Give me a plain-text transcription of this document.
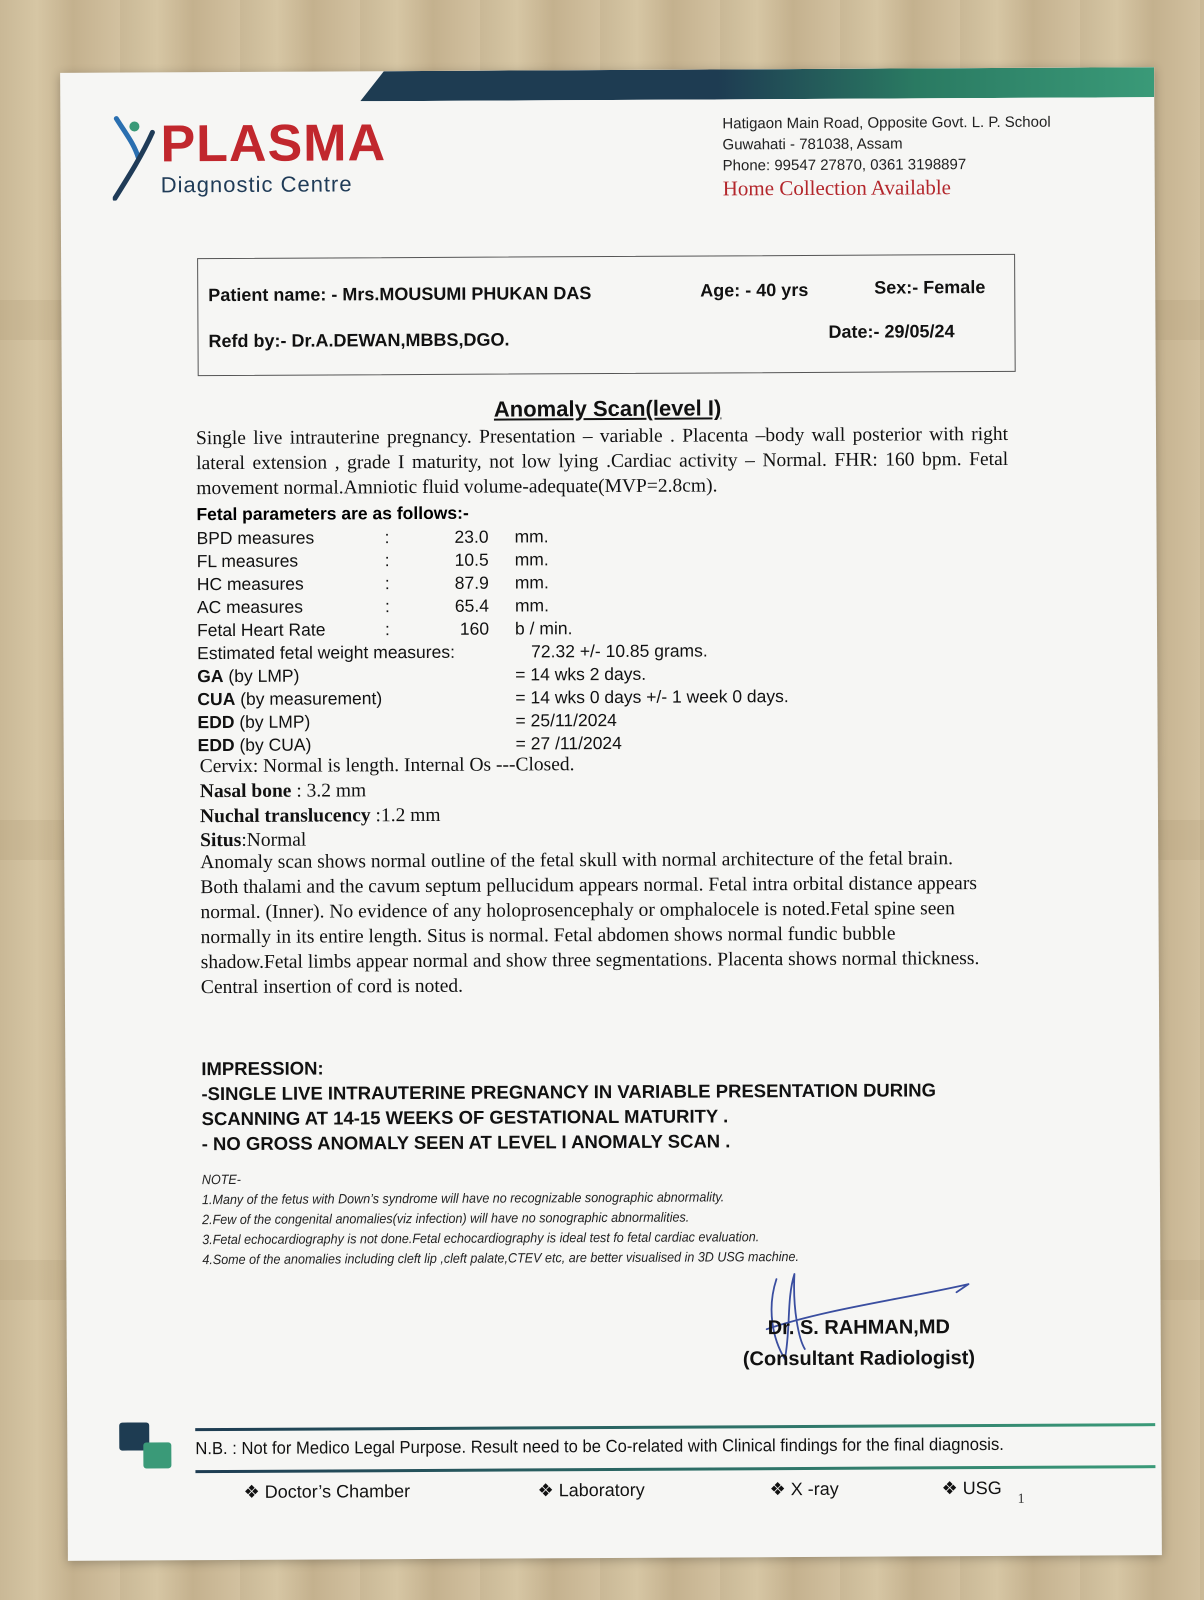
PLASMA
Diagnostic Centre
Hatigaon Main Road, Opposite Govt. L. P. School
Guwahati - 781038, Assam
Phone: 99547 27870, 0361 3198897
Home Collection Available
Patient name: - Mrs.MOUSUMI PHUKAN DAS	Age: - 40 yrs	Sex:- Female
Refd by:- Dr.A.DEWAN,MBBS,DGO.	Date:- 29/05/24
Anomaly Scan(level I)
Single live intrauterine pregnancy. Presentation – variable . Placenta –body wall posterior with right lateral extension , grade I maturity, not low lying .Cardiac activity – Normal. FHR: 160 bpm. Fetal movement normal.Amniotic fluid volume-adequate(MVP=2.8cm).
Fetal parameters are as follows:-
BPD measures	:	23.0 mm.
FL measures	:	10.5 mm.
HC measures	:	87.9 mm.
AC measures	:	65.4 mm.
Fetal Heart Rate	:	160 b / min.
Estimated fetal weight measures:	72.32 +/- 10.85 grams.
GA (by LMP)	= 14 wks 2 days.
CUA (by measurement)	= 14 wks 0 days +/- 1 week 0 days.
EDD (by LMP)	= 25/11/2024
EDD (by CUA)	= 27 /11/2024
Cervix: Normal is length. Internal Os ---Closed.
Nasal bone : 3.2 mm
Nuchal translucency :1.2 mm
Situs:Normal
Anomaly scan shows normal outline of the fetal skull with normal architecture of the fetal brain. Both thalami and the cavum septum pellucidum appears normal. Fetal intra orbital distance appears normal. (Inner). No evidence of any holoprosencephaly or omphalocele is noted.Fetal spine seen normally in its entire length. Situs is normal. Fetal abdomen shows normal fundic bubble shadow.Fetal limbs appear normal and show three segmentations. Placenta shows normal thickness. Central insertion of cord is noted.
IMPRESSION:
-SINGLE LIVE INTRAUTERINE PREGNANCY IN VARIABLE PRESENTATION DURING
SCANNING AT 14-15 WEEKS OF GESTATIONAL MATURITY .
- NO GROSS ANOMALY SEEN AT LEVEL I ANOMALY SCAN .
NOTE-
1.Many of the fetus with Down’s syndrome will have no recognizable sonographic abnormality.
2.Few of the congenital anomalies(viz infection) will have no sonographic abnormalities.
3.Fetal echocardiography is not done.Fetal echocardiography is ideal test fo fetal cardiac evaluation.
4.Some of the anomalies including cleft lip ,cleft palate,CTEV etc, are better visualised in 3D USG machine.
Dr. S. RAHMAN,MD
(Consultant Radiologist)
N.B. : Not for Medico Legal Purpose. Result need to be Co-related with Clinical findings for the final diagnosis.
❖ Doctor’s Chamber	❖ Laboratory	❖ X -ray	❖ USG
1
